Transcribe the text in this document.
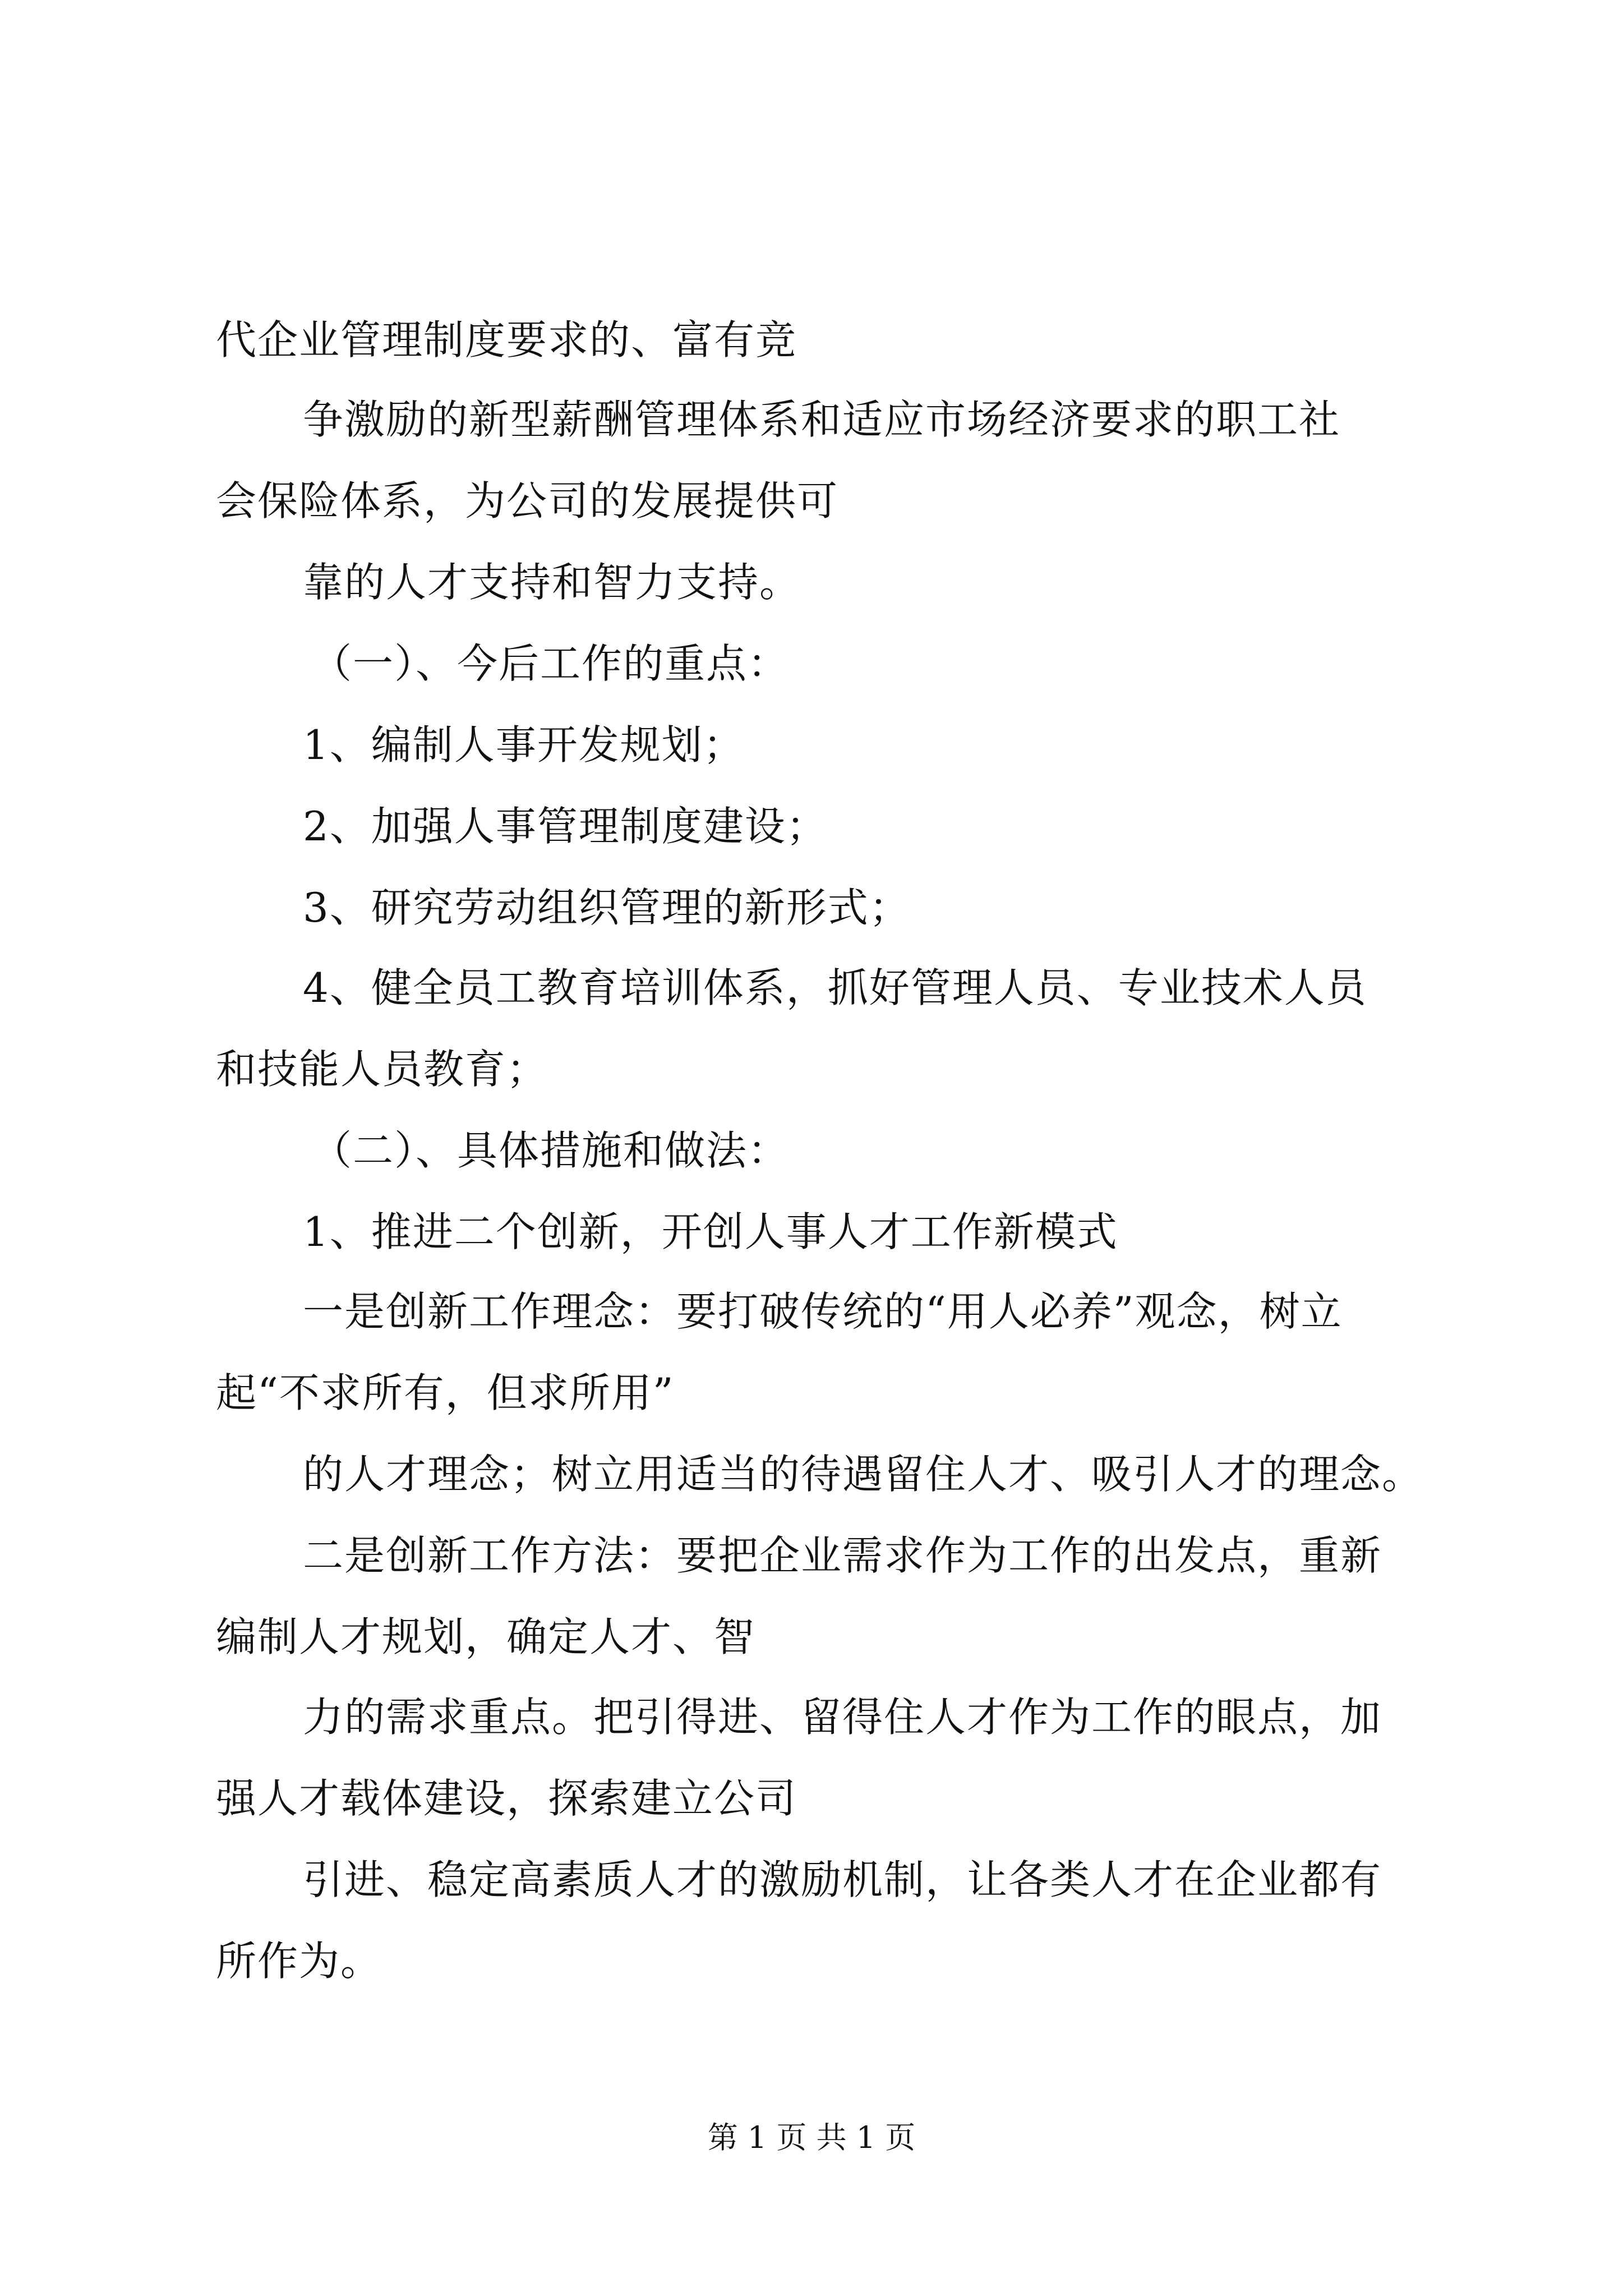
代企业管理制度要求的、富有竞
争激励的新型薪酬管理体系和适应市场经济要求的职工社
会保险体系，为公司的发展提供可
靠的人才支持和智力支持。
（一）、今后工作的重点：
1、编制人事开发规划；
2、加强人事管理制度建设；
3、研究劳动组织管理的新形式；
4、健全员工教育培训体系，抓好管理人员、专业技术人员
和技能人员教育；
（二）、具体措施和做法：
1、推进二个创新，开创人事人才工作新模式
一是创新工作理念：要打破传统的“用人必养”观念，树立
起“不求所有，但求所用”
的人才理念；树立用适当的待遇留住人才、吸引人才的理念。
二是创新工作方法：要把企业需求作为工作的出发点，重新
编制人才规划，确定人才、智
力的需求重点。把引得进、留得住人才作为工作的眼点，加
强人才载体建设，探索建立公司
引进、稳定高素质人才的激励机制，让各类人才在企业都有
所作为。
第 1 页 共 1 页
